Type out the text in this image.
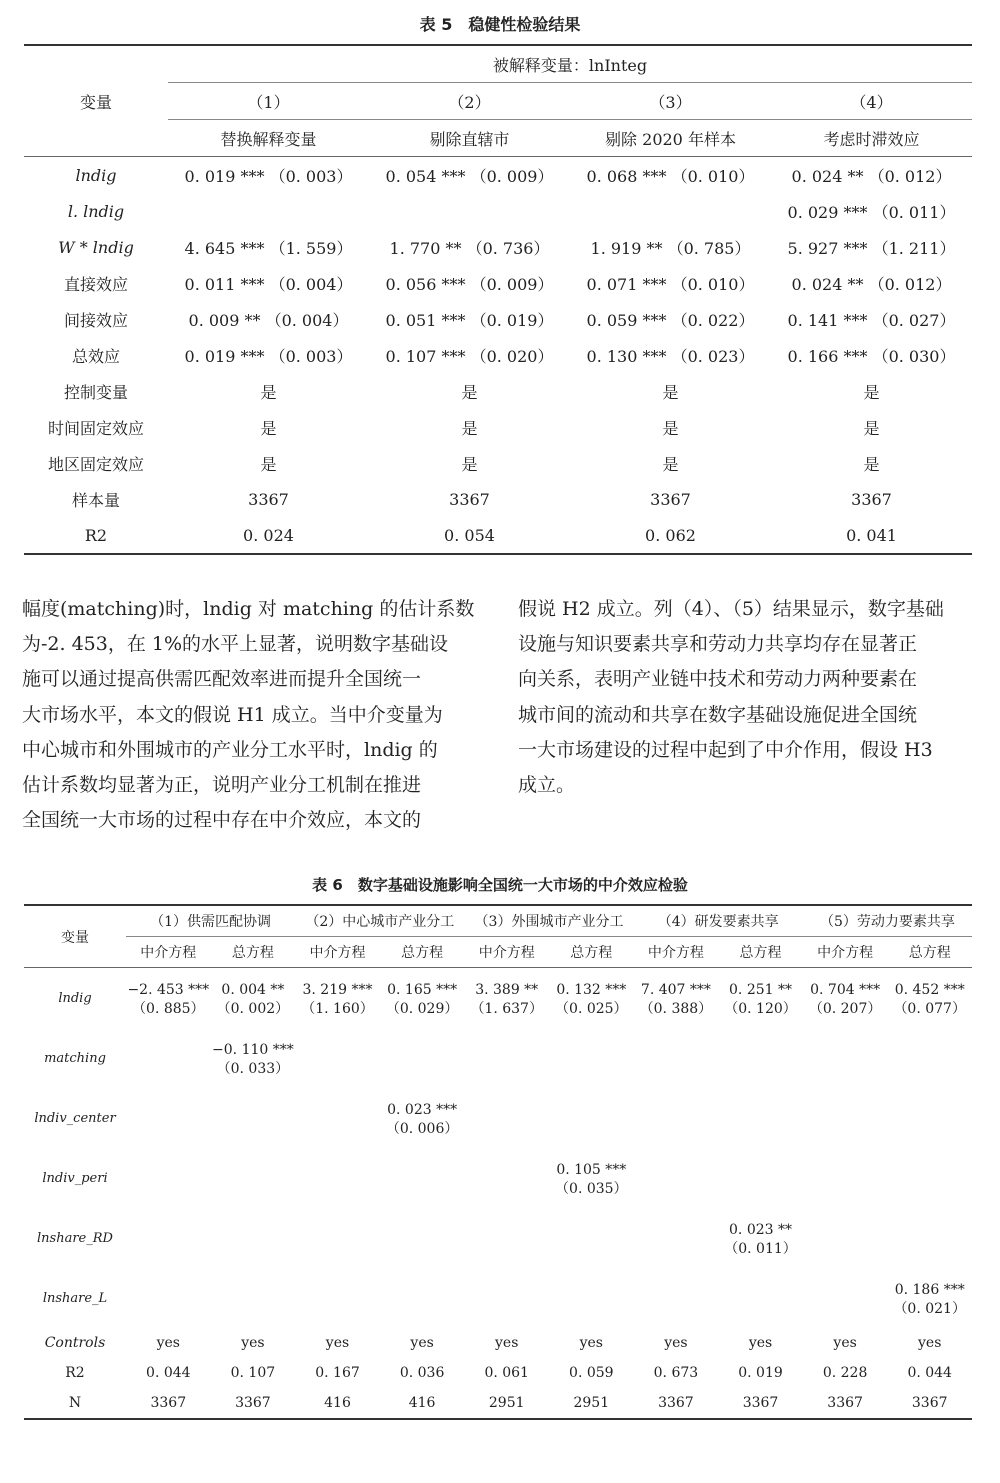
表 5　稳健性检验结果
变量	被解释变量：lnInteg			
	（1）	（2）	（3）	（4）
	替换解释变量	剔除直辖市	剔除 2020 年样本	考虑时滞效应
lndig	0. 019 *** （0. 003）	0. 054 *** （0. 009）	0. 068 *** （0. 010）	0. 024 ** （0. 012）
l. lndig				0. 029 *** （0. 011）
W * lndig	4. 645 *** （1. 559）	1. 770 ** （0. 736）	1. 919 ** （0. 785）	5. 927 *** （1. 211）
直接效应	0. 011 *** （0. 004）	0. 056 *** （0. 009）	0. 071 *** （0. 010）	0. 024 ** （0. 012）
间接效应	0. 009 ** （0. 004）	0. 051 *** （0. 019）	0. 059 *** （0. 022）	0. 141 *** （0. 027）
总效应	0. 019 *** （0. 003）	0. 107 *** （0. 020）	0. 130 *** （0. 023）	0. 166 *** （0. 030）
控制变量	是	是	是	是
时间固定效应	是	是	是	是
地区固定效应	是	是	是	是
样本量	3367	3367	3367	3367
R2	0. 024	0. 054	0. 062	0. 041
幅度(matching)时，lndig 对 matching 的估计系数
为-2. 453，在 1%的水平上显著，说明数字基础设
施可以通过提高供需匹配效率进而提升全国统一
大市场水平，本文的假说 H1 成立。当中介变量为
中心城市和外围城市的产业分工水平时，lndig 的
估计系数均显著为正，说明产业分工机制在推进
全国统一大市场的过程中存在中介效应，本文的
假说 H2 成立。列（4）、（5）结果显示，数字基础
设施与知识要素共享和劳动力共享均存在显著正
向关系，表明产业链中技术和劳动力两种要素在
城市间的流动和共享在数字基础设施促进全国统
一大市场建设的过程中起到了中介作用，假设 H3
成立。
表 6　数字基础设施影响全国统一大市场的中介效应检验
变量	（1）供需匹配协调		（2）中心城市产业分工		（3）外围城市产业分工		（4）研发要素共享		（5）劳动力要素共享	
	中介方程	总方程	中介方程	总方程	中介方程	总方程	中介方程	总方程	中介方程	总方程
lndig	−2. 453 ***	0. 004 **	3. 219 ***	0. 165 ***	3. 389 **	0. 132 ***	7. 407 ***	0. 251 **	0. 704 ***	0. 452 ***
	（0. 885）	（0. 002）	（1. 160）	（0. 029）	（1. 637）	（0. 025）	（0. 388）	（0. 120）	（0. 207）	（0. 077）
matching		−0. 110 ***								
		（0. 033）								
lndiv_center				0. 023 ***						
				（0. 006）						
lndiv_peri						0. 105 ***				
						（0. 035）				
lnshare_RD								0. 023 **		
								（0. 011）		
lnshare_L										0. 186 ***
										（0. 021）
Controls	yes	yes	yes	yes	yes	yes	yes	yes	yes	yes
R2	0. 044	0. 107	0. 167	0. 036	0. 061	0. 059	0. 673	0. 019	0. 228	0. 044
N	3367	3367	416	416	2951	2951	3367	3367	3367	3367
